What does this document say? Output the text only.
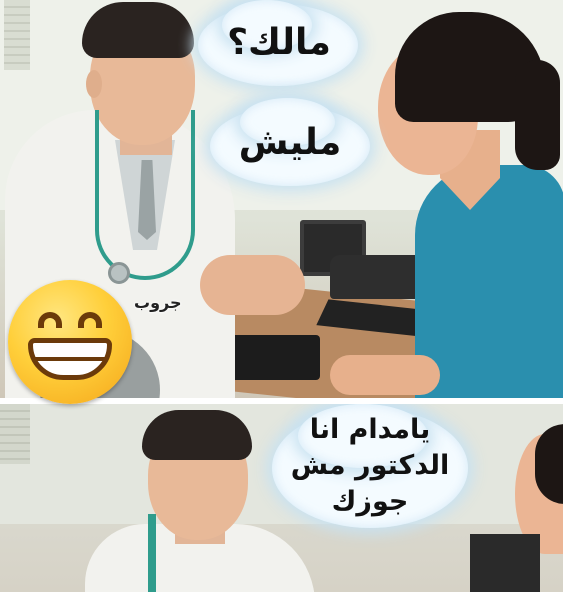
مالك؟
مليش
جروب
يامدام انا
الدكتور مش
جوزك
